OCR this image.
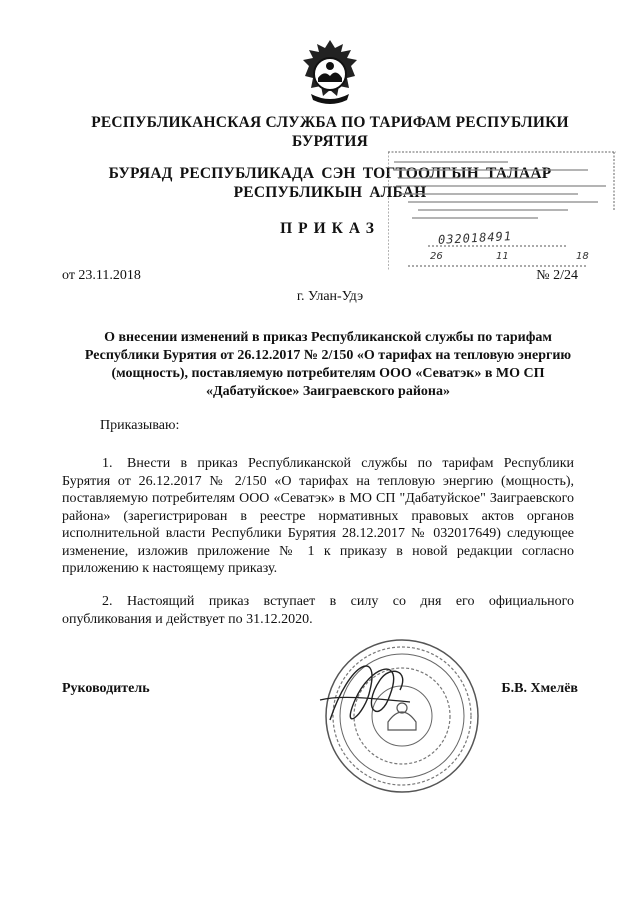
РЕСПУБЛИКАНСКАЯ СЛУЖБА ПО ТАРИФАМ РЕСПУБЛИКИ БУРЯТИЯ
БУРЯАД РЕСПУБЛИКАДА СЭН ТОГТООЛГЫН ТАЛААР РЕСПУБЛИКЫН АЛБАН
ПРИКАЗ
032018491
26	11	18
от 23.11.2018	№ 2/24
г. Улан-Удэ
О внесении изменений в приказ Республиканской службы по тарифам Республики Бурятия от 26.12.2017 № 2/150 «О тарифах на тепловую энергию (мощность), поставляемую потребителям ООО «Севатэк» в МО СП «Дабатуйское» Заиграевского района»
Приказываю:
1. Внести в приказ Республиканской службы по тарифам Республики Бурятия от 26.12.2017 № 2/150 «О тарифах на тепловую энергию (мощность), поставляемую потребителям ООО «Севатэк» в МО СП "Дабатуйское" Заиграевского района» (зарегистрирован в реестре нормативных правовых актов органов исполнительной власти Республики Бурятия 28.12.2017 № 032017649) следующее изменение, изложив приложение № 1 к приказу в новой редакции согласно приложению к настоящему приказу.
2. Настоящий приказ вступает в силу со дня его официального опубликования и действует по 31.12.2020.
Руководитель	Б.В. Хмелёв
